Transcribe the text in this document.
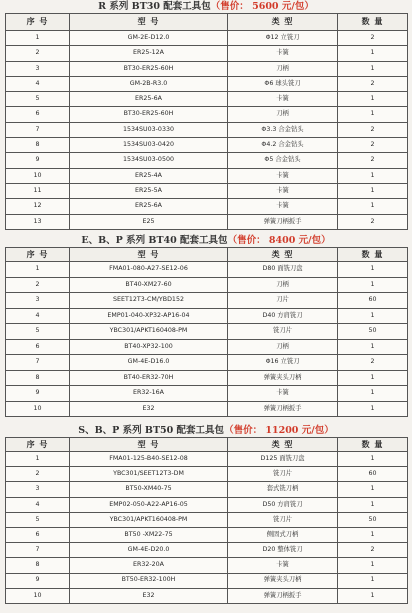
R 系列 BT30 配套工具包（售价： 5600 元/包）
序 号	型 号	类 型	数 量
1	GM-2E-D12.0	Φ12 立铣刀	2
2	ER25-12A	卡簧	1
3	BT30-ER25-60H	刀柄	1
4	GM-2B-R3.0	Φ6 球头铣刀	2
5	ER25-6A	卡簧	1
6	BT30-ER25-60H	刀柄	1
7	1534SU03-0330	Φ3.3 合金钻头	2
8	1534SU03-0420	Φ4.2 合金钻头	2
9	1534SU03-0500	Φ5 合金钻头	2
10	ER25-4A	卡簧	1
11	ER25-5A	卡簧	1
12	ER25-6A	卡簧	1
13	E25	弹簧刀柄扳手	2
E、B、P 系列 BT40 配套工具包（售价： 8400 元/包）
序 号	型 号	类 型	数 量
1	FMA01-080-A27-SE12-06	D80 面铣刀盘	1
2	BT40-XM27-60	刀柄	1
3	SEET12T3-CM/YBD152	刀片	60
4	EMP01-040-XP32-AP16-04	D40 方肩铣刀	1
5	YBC301/APKT160408-PM	铣刀片	50
6	BT40-XP32-100	刀柄	1
7	GM-4E-D16.0	Φ16 立铣刀	2
8	BT40-ER32-70H	弹簧夹头刀柄	1
9	ER32-16A	卡簧	1
10	E32	弹簧刀柄扳手	1
S、B、P 系列 BT50 配套工具包（售价： 11200 元/包）
序 号	型 号	类 型	数 量
1	FMA01-125-B40-SE12-08	D125 面铣刀盘	1
2	YBC301/SEET12T3-DM	铣刀片	60
3	BT50-XM40-75	套式铣刀柄	1
4	EMP02-050-A22-AP16-05	D50 方肩铣刀	1
5	YBC301/APKT160408-PM	铣刀片	50
6	BT50 -XM22-75	侧固式刀柄	1
7	GM-4E-D20.0	D20 整体铣刀	2
8	ER32-20A	卡簧	1
9	BT50-ER32-100H	弹簧夹头刀柄	1
10	E32	弹簧刀柄扳手	1
